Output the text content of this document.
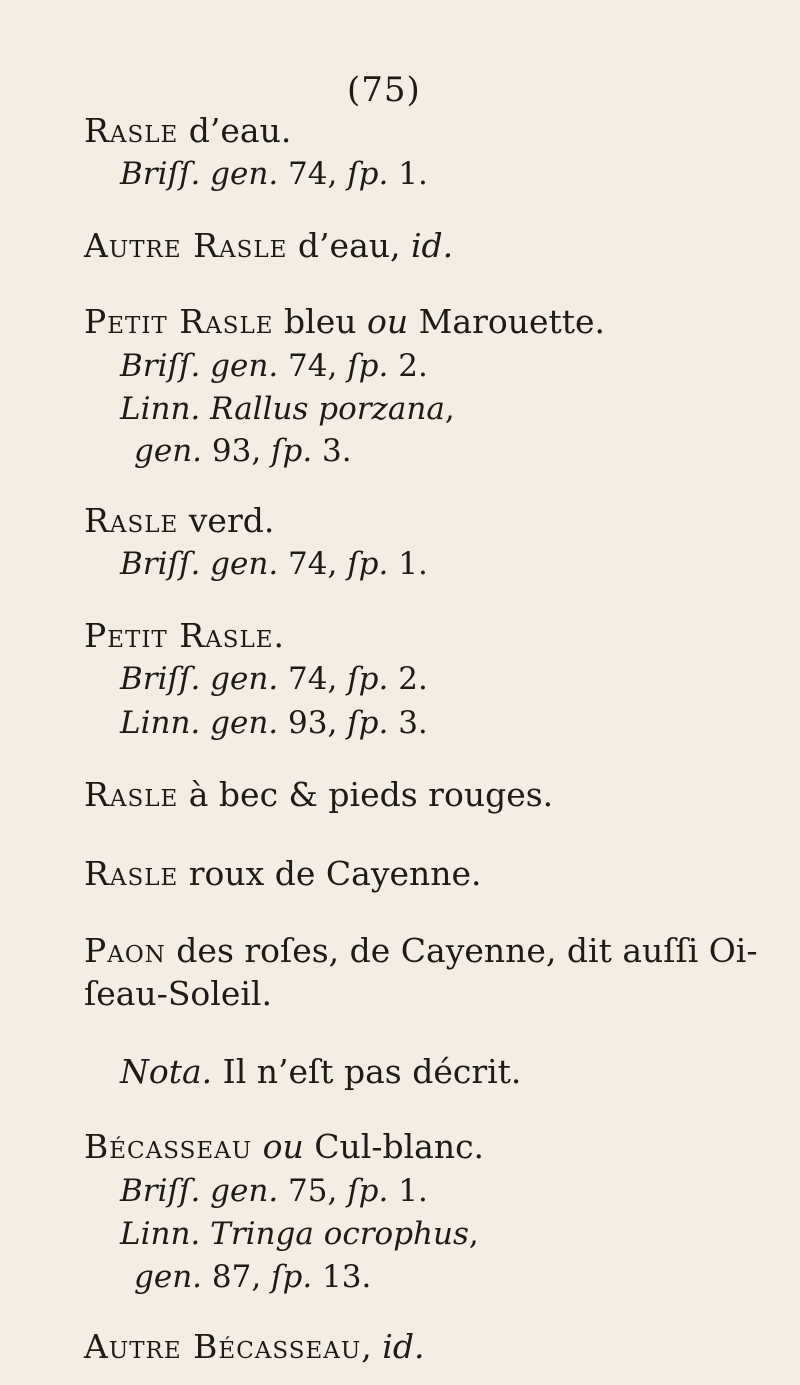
(75)
Rasle d’eau.
Briſſ. gen. 74, ſp. 1.
Autre Rasle d’eau, id.
Petit Rasle bleu ou Marouette.
Briſſ. gen. 74, ſp. 2.
Linn. Rallus porzana,
gen. 93, ſp. 3.
Rasle verd.
Briſſ. gen. 74, ſp. 1.
Petit Rasle.
Briſſ. gen. 74, ſp. 2.
Linn. gen. 93, ſp. 3.
Rasle à bec & pieds rouges.
Rasle roux de Cayenne.
Paon des roſes, de Cayenne, dit auſſi Oi-
ſeau-Soleil.
Nota. Il n’eſt pas décrit.
Bécasseau ou Cul-blanc.
Briſſ. gen. 75, ſp. 1.
Linn. Tringa ocrophus,
gen. 87, ſp. 13.
Autre Bécasseau, id.
